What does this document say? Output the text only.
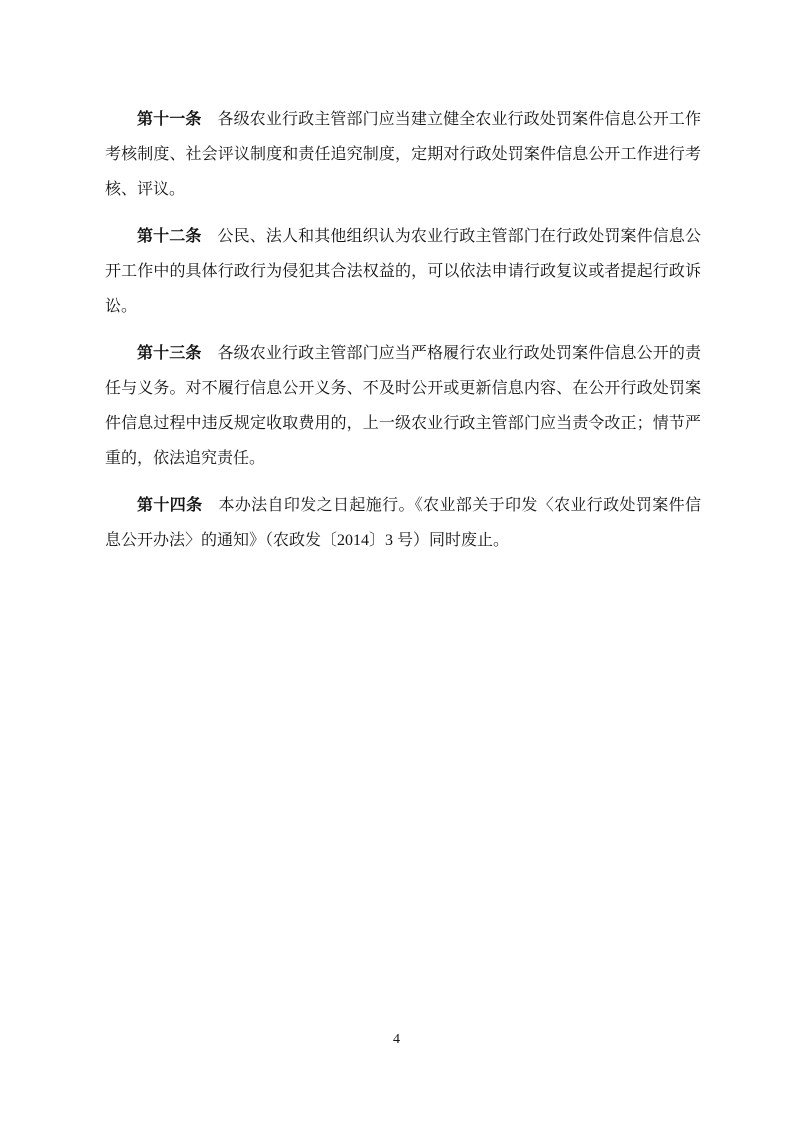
第十一条 各级农业行政主管部门应当建立健全农业行政处罚案件信息公开工作考核制度、社会评议制度和责任追究制度，定期对行政处罚案件信息公开工作进行考核、评议。

第十二条 公民、法人和其他组织认为农业行政主管部门在行政处罚案件信息公开工作中的具体行政行为侵犯其合法权益的，可以依法申请行政复议或者提起行政诉讼。

第十三条 各级农业行政主管部门应当严格履行农业行政处罚案件信息公开的责任与义务。对不履行信息公开义务、不及时公开或更新信息内容、在公开行政处罚案件信息过程中违反规定收取费用的，上一级农业行政主管部门应当责令改正；情节严重的，依法追究责任。

第十四条 本办法自印发之日起施行。《农业部关于印发〈农业行政处罚案件信息公开办法〉的通知》（农政发〔2014〕3 号）同时废止。

4
